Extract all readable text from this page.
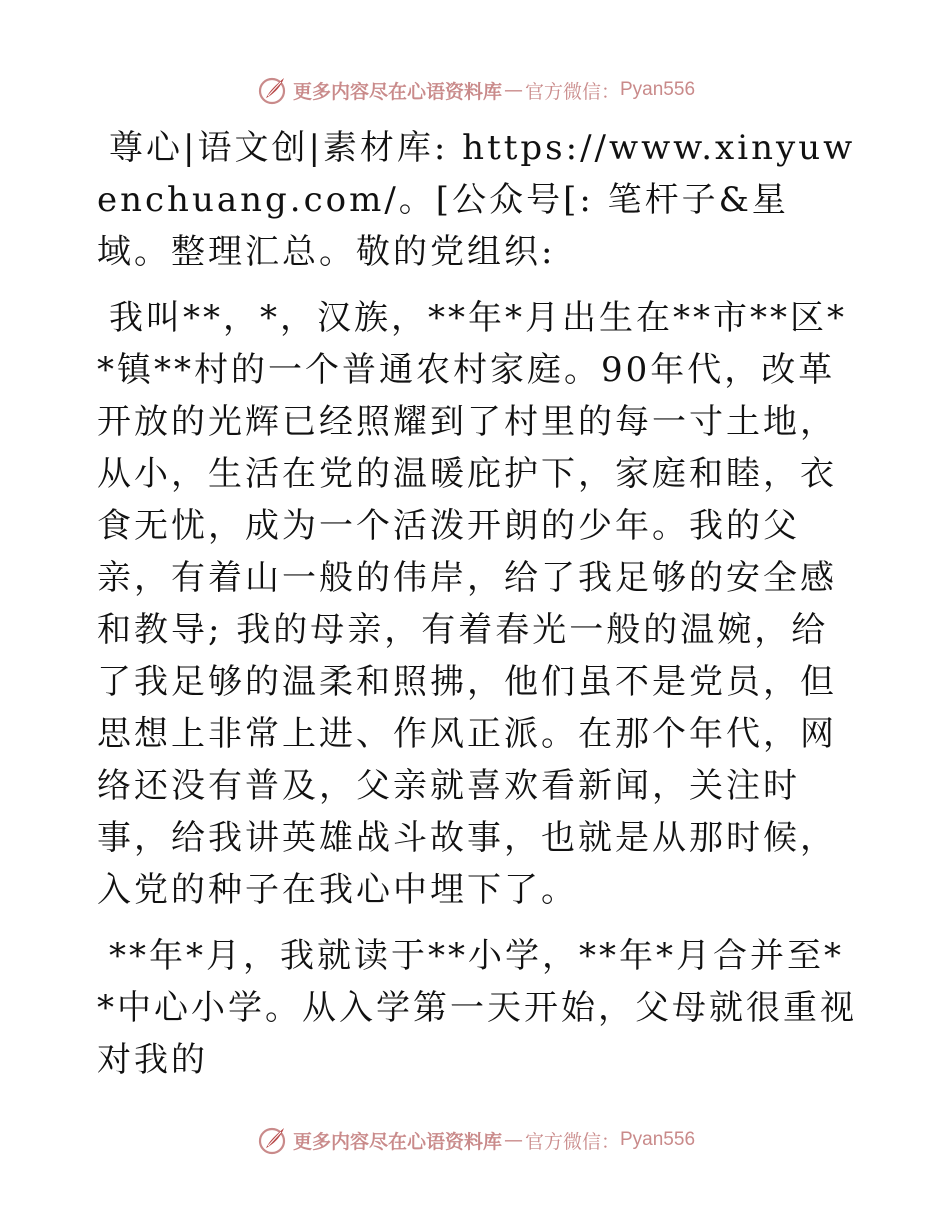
更多内容尽在心语资料库 — 官方微信： Pyan556

尊心|语文创|素材库: https://www.xinyuwenchuang.com/。[公众号[: 笔杆子&星域。整理汇总。敬的党组织:

我叫**，*，汉族，**年*月出生在**市**区**镇**村的一个普通农村家庭。90年代，改革开放的光辉已经照耀到了村里的每一寸土地，从小，生活在党的温暖庇护下，家庭和睦，衣食无忧，成为一个活泼开朗的少年。我的父亲，有着山一般的伟岸，给了我足够的安全感和教导; 我的母亲，有着春光一般的温婉，给了我足够的温柔和照拂，他们虽不是党员，但思想上非常上进、作风正派。在那个年代，网络还没有普及，父亲就喜欢看新闻，关注时事，给我讲英雄战斗故事，也就是从那时候，入党的种子在我心中埋下了。

**年*月，我就读于**小学，**年*月合并至**中心小学。从入学第一天开始，父母就很重视对我的

更多内容尽在心语资料库 — 官方微信： Pyan556
